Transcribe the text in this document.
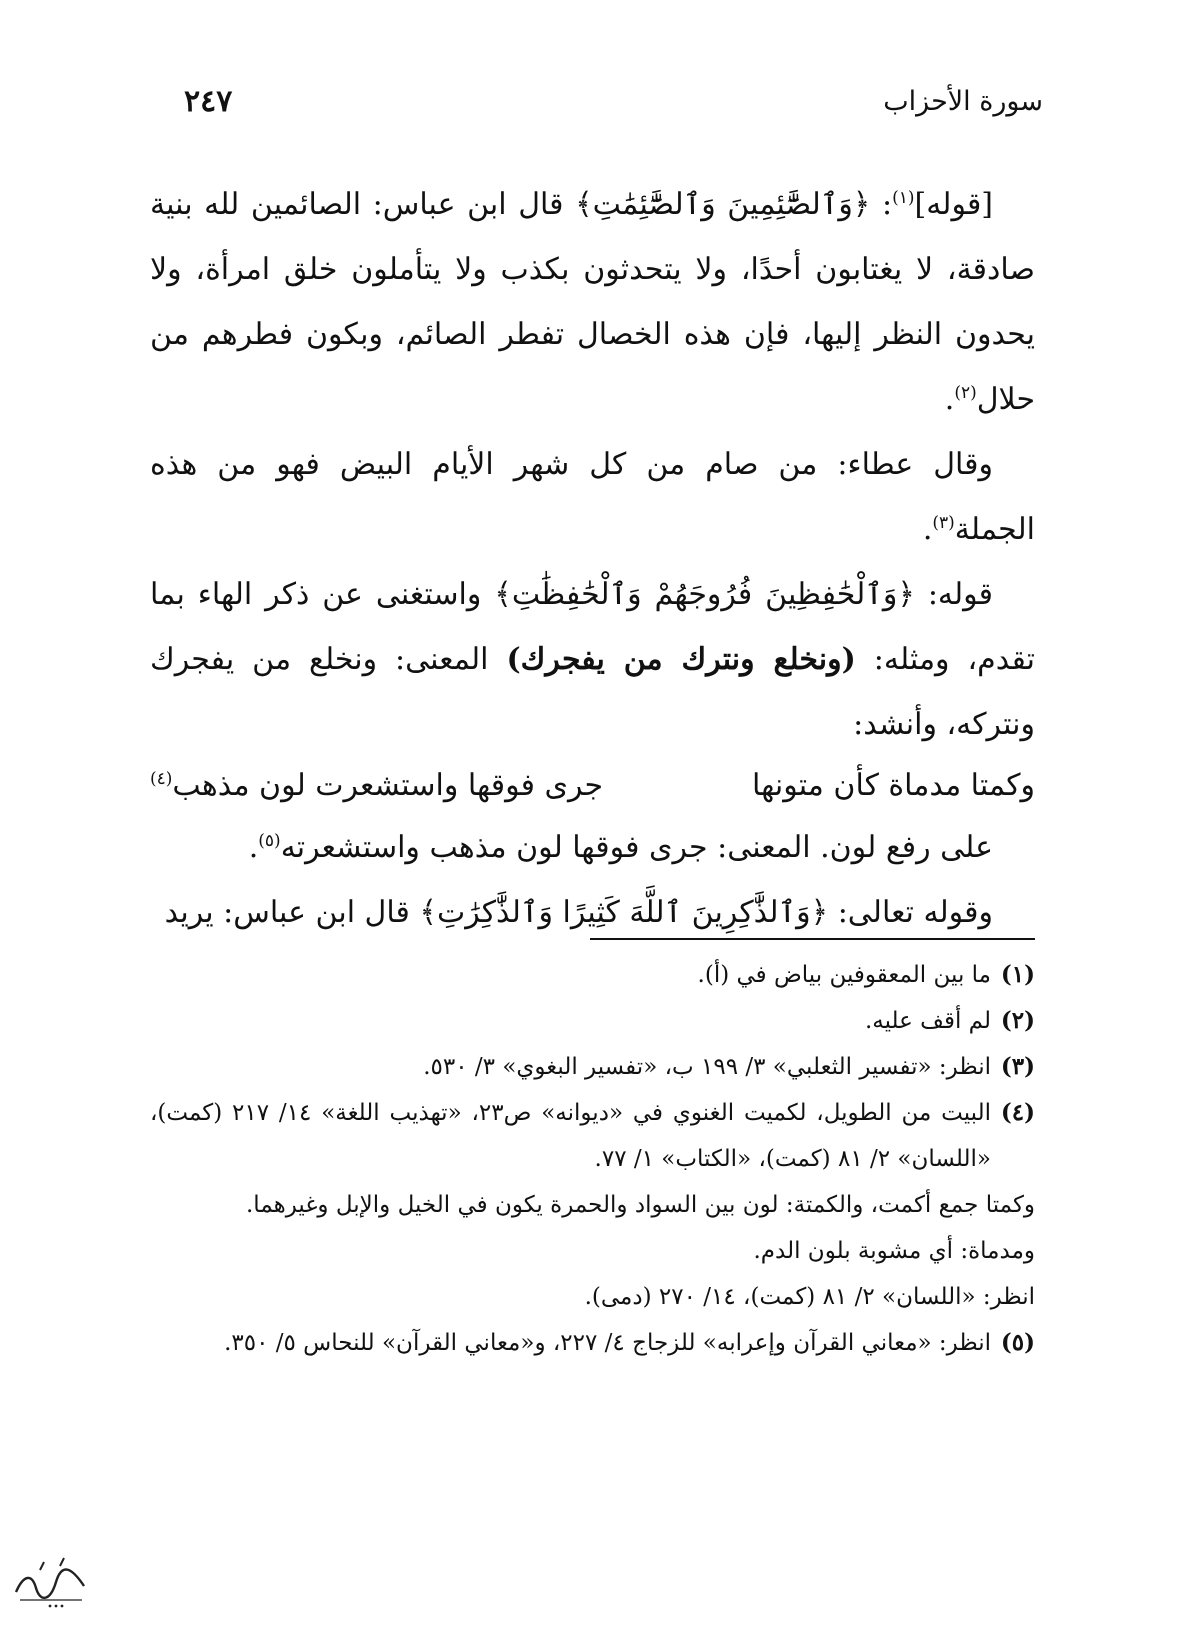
سورة الأحزاب
٢٤٧

[قوله]$^{(١)}$: ﴿وَٱلصَّٰٓئِمِينَ وَٱلصَّٰٓئِمَٰتِ﴾ قال ابن عباس: الصائمين لله بنية صادقة، لا يغتابون أحدًا، ولا يتحدثون بكذب ولا يتأملون خلق امرأة، ولا يحدون النظر إليها، فإن هذه الخصال تفطر الصائم، وبكون فطرهم من حلال$^{(٢)}$.

وقال عطاء: من صام من كل شهر الأيام البيض فهو من هذه الجملة$^{(٣)}$.

قوله: ﴿وَٱلْحَٰفِظِينَ فُرُوجَهُمْ وَٱلْحَٰفِظَٰتِ﴾ واستغنى عن ذكر الهاء بما تقدم، ومثله: (ونخلع ونترك من يفجرك) المعنى: ونخلع من يفجرك ونتركه، وأنشد:

وكمتا مدماة كأن متونها
جرى فوقها واستشعرت لون مذهب$^{(٤)}$

على رفع لون. المعنى: جرى فوقها لون مذهب واستشعرته$^{(٥)}$.

وقوله تعالى: ﴿وَٱلذَّٰكِرِينَ ٱللَّهَ كَثِيرًا وَٱلذَّٰكِرَٰتِ﴾ قال ابن عباس: يريد

(١)
ما بين المعقوفين بياض في (أ).
(٢)
لم أقف عليه.
(٣)
انظر: «تفسير الثعلبي» ٣/ ١٩٩ ب، «تفسير البغوي» ٣/ ٥٣٠.
(٤)
البيت من الطويل، لكميت الغنوي في «ديوانه» ص٢٣، «تهذيب اللغة» ١٤/ ٢١٧ (كمت)، «اللسان» ٢/ ٨١ (كمت)، «الكتاب» ١/ ٧٧.

وكمتا جمع أكمت، والكمتة: لون بين السواد والحمرة يكون في الخيل والإبل وغيرهما.

ومدماة: أي مشوبة بلون الدم.

انظر: «اللسان» ٢/ ٨١ (كمت)، ١٤/ ٢٧٠ (دمى).

(٥)
انظر: «معاني القرآن وإعرابه» للزجاج ٤/ ٢٢٧، و«معاني القرآن» للنحاس ٥/ ٣٥٠.
